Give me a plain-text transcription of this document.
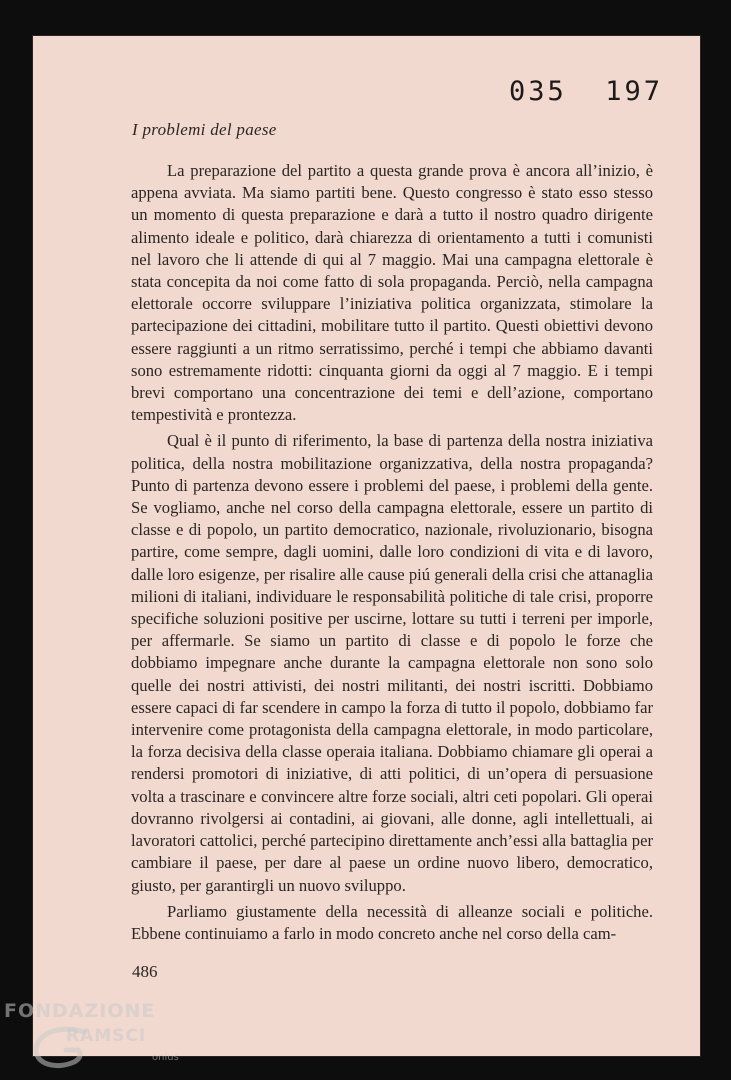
035  197
I problemi del paese

La preparazione del partito a questa grande prova è ancora all’inizio, è appena avviata. Ma siamo partiti bene. Questo congresso è stato esso stesso un momento di questa preparazione e darà a tutto il nostro quadro dirigente alimento ideale e politico, darà chiarezza di orientamento a tutti i comunisti nel lavoro che li attende di qui al 7 maggio. Mai una campagna elettorale è stata concepita da noi come fatto di sola propaganda. Perciò, nella campagna elettorale occorre sviluppare l’iniziativa politica organizzata, stimolare la partecipazione dei cittadini, mobilitare tutto il partito. Questi obiettivi devono essere raggiunti a un ritmo serratissimo, perché i tempi che abbiamo davanti sono estremamente ridotti: cinquanta giorni da oggi al 7 maggio. E i tempi brevi comportano una concentrazione dei temi e dell’azione, comportano tempestività e prontezza.

Qual è il punto di riferimento, la base di partenza della nostra iniziativa politica, della nostra mobilitazione organizzativa, della nostra propaganda? Punto di partenza devono essere i problemi del paese, i problemi della gente. Se vogliamo, anche nel corso della campagna elettorale, essere un partito di classe e di popolo, un partito democratico, nazionale, rivoluzionario, bisogna partire, come sempre, dagli uomini, dalle loro condizioni di vita e di lavoro, dalle loro esigenze, per risalire alle cause piú generali della crisi che attanaglia milioni di italiani, individuare le responsabilità politiche di tale crisi, proporre specifiche soluzioni positive per uscirne, lottare su tutti i terreni per imporle, per affermarle. Se siamo un partito di classe e di popolo le forze che dobbiamo impegnare anche durante la campagna elettorale non sono solo quelle dei nostri attivisti, dei nostri militanti, dei nostri iscritti. Dobbiamo essere capaci di far scendere in campo la forza di tutto il popolo, dobbiamo far intervenire come protagonista della campagna elettorale, in modo particolare, la forza decisiva della classe operaia italiana. Dobbiamo chiamare gli operai a rendersi promotori di iniziative, di atti politici, di un’opera di persuasione volta a trascinare e convincere altre forze sociali, altri ceti popolari. Gli operai dovranno rivolgersi ai contadini, ai giovani, alle donne, agli intellettuali, ai lavoratori cattolici, perché partecipino direttamente anch’essi alla battaglia per cambiare il paese, per dare al paese un ordine nuovo libero, democratico, giusto, per garantirgli un nuovo sviluppo.

Parliamo giustamente della necessità di alleanze sociali e politiche. Ebbene continuiamo a farlo in modo concreto anche nel corso della cam-

486
FONDAZIONE
RAMSCI
onlus
